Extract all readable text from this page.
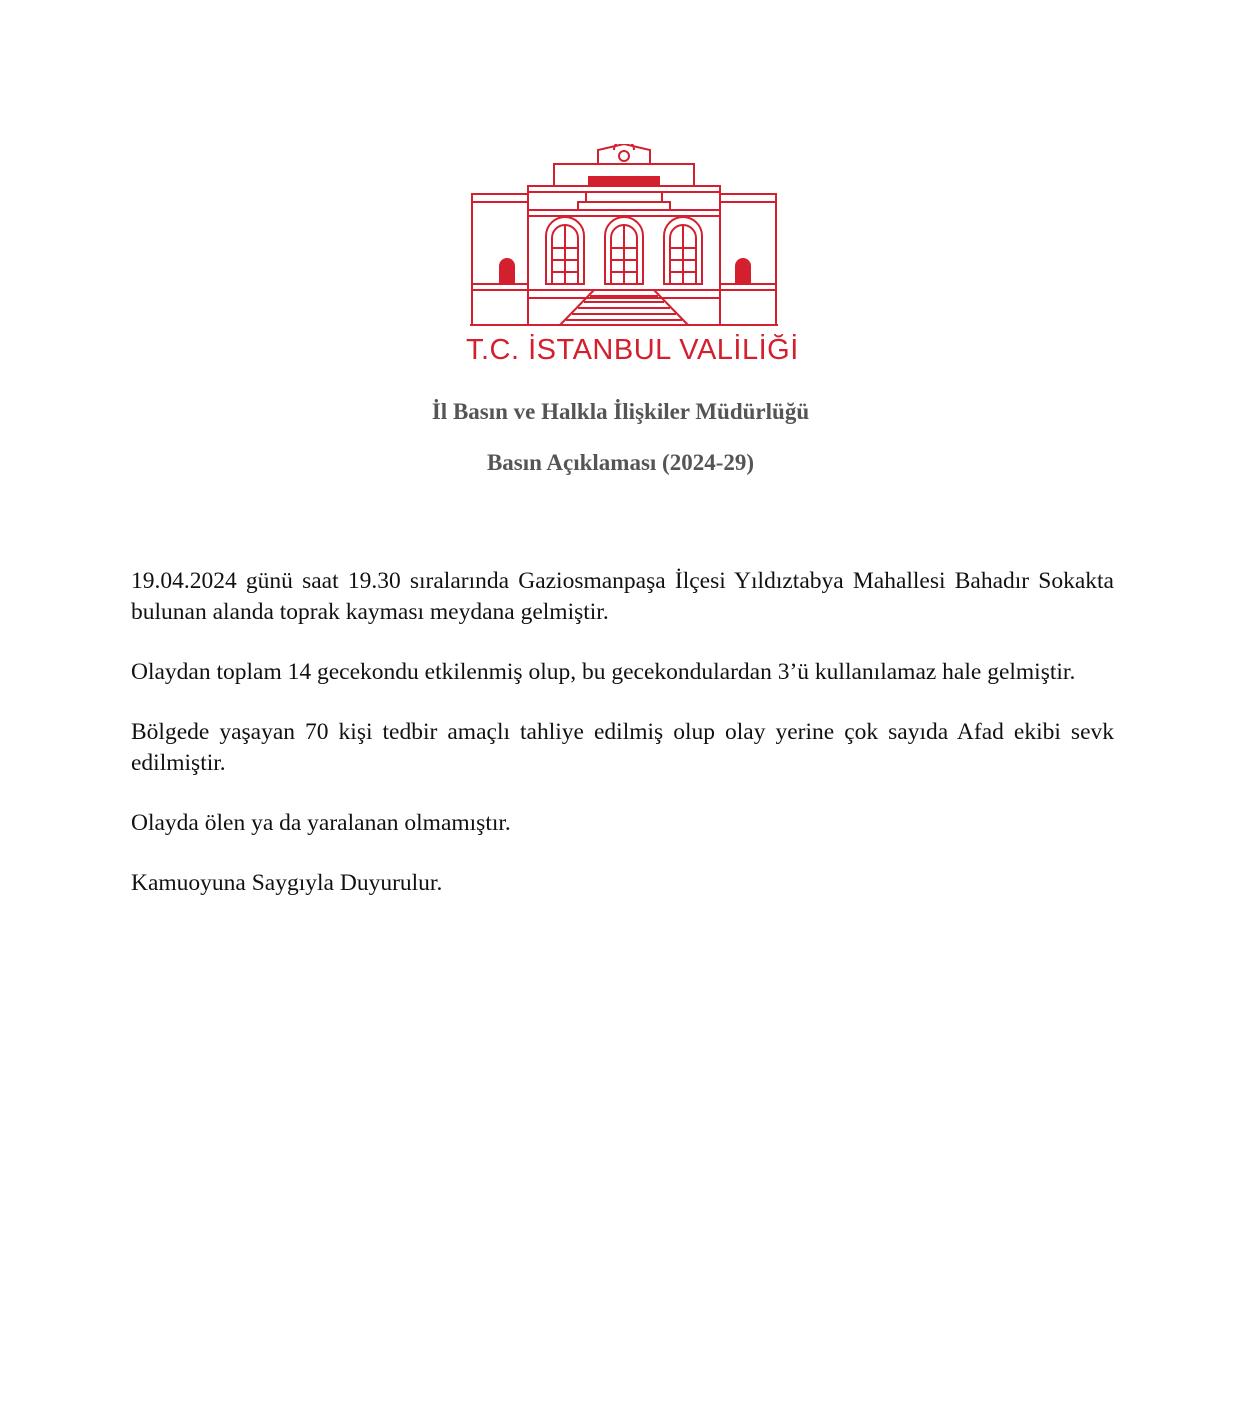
T.C. İSTANBUL VALİLİĞİ
İl Basın ve Halkla İlişkiler Müdürlüğü
Basın Açıklaması (2024-29)

19.04.2024 günü saat 19.30 sıralarında Gaziosmanpaşa İlçesi Yıldıztabya Mahallesi Bahadır Sokakta bulunan alanda toprak kayması meydana gelmiştir.

Olaydan toplam 14 gecekondu etkilenmiş olup, bu gecekondulardan 3’ü kullanılamaz hale gelmiştir.

Bölgede yaşayan 70 kişi tedbir amaçlı tahliye edilmiş olup olay yerine çok sayıda Afad ekibi sevk edilmiştir.

Olayda ölen ya da yaralanan olmamıştır.

Kamuoyuna Saygıyla Duyurulur.
